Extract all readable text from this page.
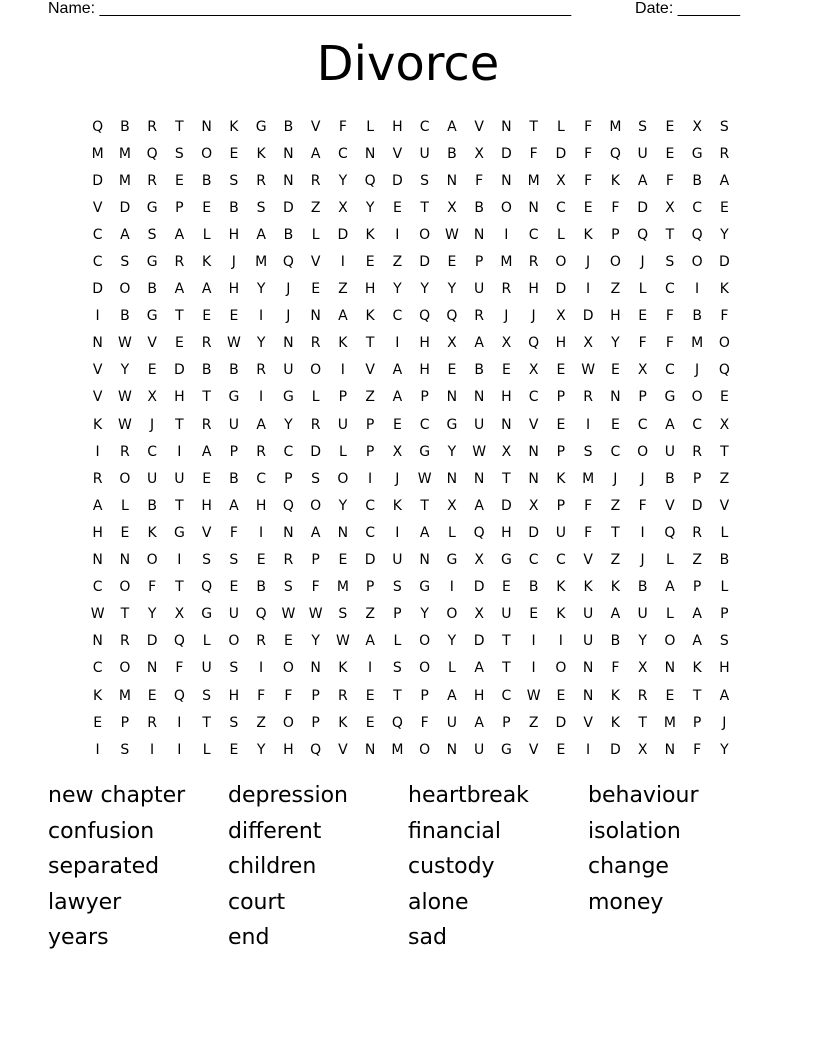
Name: _____________________________________________________	Date: _______
Divorce
Q	B	R	T	N	K	G	B	V	F	L	H	C	A	V	N	T	L	F	M	S	E	X	S
M	M	Q	S	O	E	K	N	A	C	N	V	U	B	X	D	F	D	F	Q	U	E	G	R
D	M	R	E	B	S	R	N	R	Y	Q	D	S	N	F	N	M	X	F	K	A	F	B	A
V	D	G	P	E	B	S	D	Z	X	Y	E	T	X	B	O	N	C	E	F	D	X	C	E
C	A	S	A	L	H	A	B	L	D	K	I	O	W	N	I	C	L	K	P	Q	T	Q	Y
C	S	G	R	K	J	M	Q	V	I	E	Z	D	E	P	M	R	O	J	O	J	S	O	D
D	O	B	A	A	H	Y	J	E	Z	H	Y	Y	Y	U	R	H	D	I	Z	L	C	I	K
I	B	G	T	E	E	I	J	N	A	K	C	Q	Q	R	J	J	X	D	H	E	F	B	F
N	W	V	E	R	W	Y	N	R	K	T	I	H	X	A	X	Q	H	X	Y	F	F	M	O
V	Y	E	D	B	B	R	U	O	I	V	A	H	E	B	E	X	E	W	E	X	C	J	Q
V	W	X	H	T	G	I	G	L	P	Z	A	P	N	N	H	C	P	R	N	P	G	O	E
K	W	J	T	R	U	A	Y	R	U	P	E	C	G	U	N	V	E	I	E	C	A	C	X
I	R	C	I	A	P	R	C	D	L	P	X	G	Y	W	X	N	P	S	C	O	U	R	T
R	O	U	U	E	B	C	P	S	O	I	J	W	N	N	T	N	K	M	J	J	B	P	Z
A	L	B	T	H	A	H	Q	O	Y	C	K	T	X	A	D	X	P	F	Z	F	V	D	V
H	E	K	G	V	F	I	N	A	N	C	I	A	L	Q	H	D	U	F	T	I	Q	R	L
N	N	O	I	S	S	E	R	P	E	D	U	N	G	X	G	C	C	V	Z	J	L	Z	B
C	O	F	T	Q	E	B	S	F	M	P	S	G	I	D	E	B	K	K	K	B	A	P	L
W	T	Y	X	G	U	Q	W W	S	Z	P	Y	O	X	U	E	K	U	A	U	L	A	P
N	R	D	Q	L	O	R	E	Y	W	A	L	O	Y	D	T	I	I	U	B	Y	O	A	S
C	O	N	F	U	S	I	O	N	K	I	S	O	L	A	T	I	O	N	F	X	N	K	H
K	M	E	Q	S	H	F	F	P	R	E	T	P	A	H	C	W	E	N	K	R	E	T	A
E	P	R	I	T	S	Z	O	P	K	E	Q	F	U	A	P	Z	D	V	K	T	M	P	J
I	S	I	I	L	E	Y	H	Q	V	N	M	O	N	U	G	V	E	I	D	X	N	F	Y
new chapter	depression	heartbreak	behaviour
confusion	different	financial	isolation
separated	children	custody	change
lawyer	court	alone	money
years	end	sad
